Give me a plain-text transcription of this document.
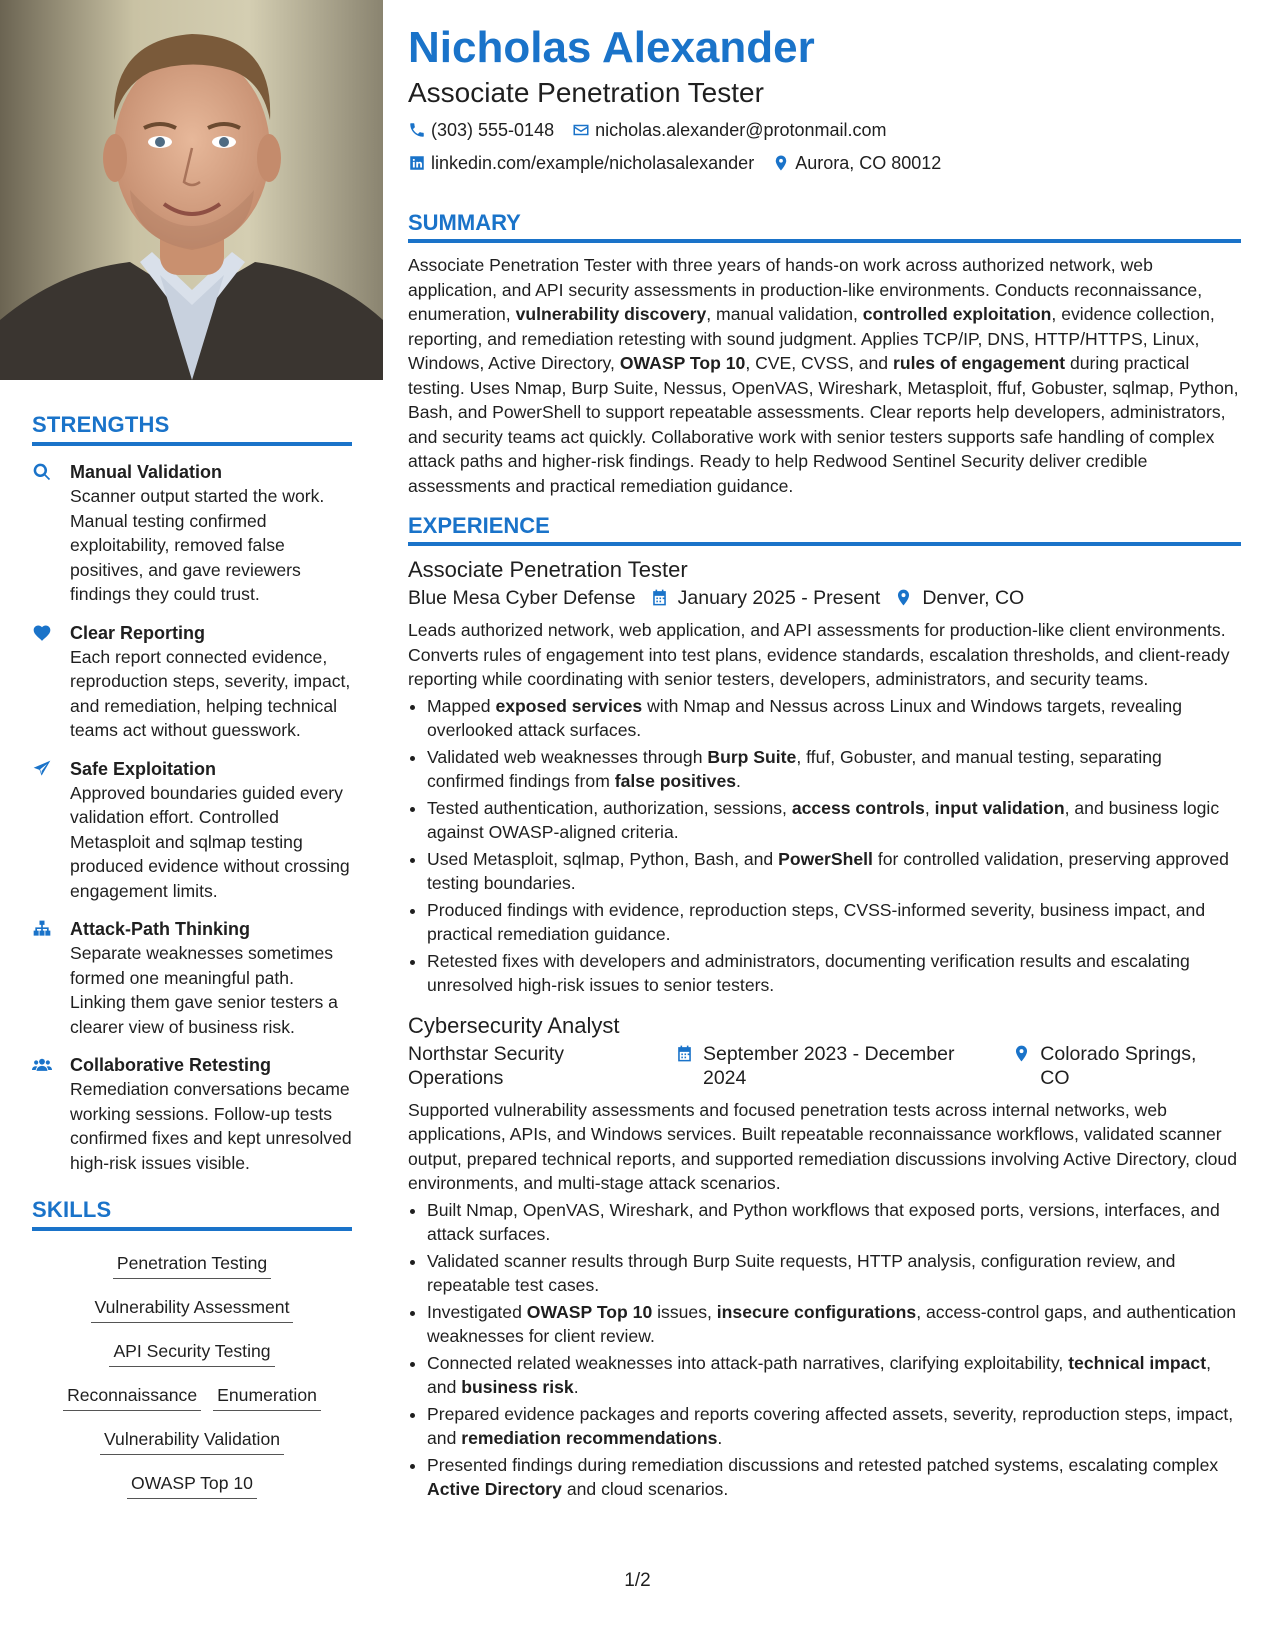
STRENGTHS
Manual Validation
Scanner output started the work. Manual testing confirmed exploitability, removed false positives, and gave reviewers findings they could trust.
Clear Reporting
Each report connected evidence, reproduction steps, severity, impact, and remediation, helping technical teams act without guesswork.
Safe Exploitation
Approved boundaries guided every validation effort. Controlled Metasploit and sqlmap testing produced evidence without crossing engagement limits.
Attack-Path Thinking
Separate weaknesses sometimes formed one meaningful path. Linking them gave senior testers a clearer view of business risk.
Collaborative Retesting
Remediation conversations became working sessions. Follow-up tests confirmed fixes and kept unresolved high-risk issues visible.
SKILLS
Penetration Testing
Vulnerability Assessment
API Security Testing
Reconnaissance Enumeration
Vulnerability Validation
OWASP Top 10
Nicholas Alexander
Associate Penetration Tester
(303) 555-0148 nicholas.alexander@protonmail.com
linkedin.com/example/nicholasalexander Aurora, CO 80012
SUMMARY

Associate Penetration Tester with three years of hands-on work across authorized network, web application, and API security assessments in production-like environments. Conducts reconnaissance, enumeration, vulnerability discovery, manual validation, controlled exploitation, evidence collection, reporting, and remediation retesting with sound judgment. Applies TCP/IP, DNS, HTTP/HTTPS, Linux, Windows, Active Directory, OWASP Top 10, CVE, CVSS, and rules of engagement during practical testing. Uses Nmap, Burp Suite, Nessus, OpenVAS, Wireshark, Metasploit, ffuf, Gobuster, sqlmap, Python, Bash, and PowerShell to support repeatable assessments. Clear reports help developers, administrators, and security teams act quickly. Collaborative work with senior testers supports safe handling of complex attack paths and higher-risk findings. Ready to help Redwood Sentinel Security deliver credible assessments and practical remediation guidance.

EXPERIENCE
Associate Penetration Tester
Blue Mesa Cyber Defense January 2025 - Present Denver, CO

Leads authorized network, web application, and API assessments for production-like client environments. Converts rules of engagement into test plans, evidence standards, escalation thresholds, and client-ready reporting while coordinating with senior testers, developers, administrators, and security teams.

• Mapped exposed services with Nmap and Nessus across Linux and Windows targets, revealing overlooked attack surfaces.
• Validated web weaknesses through Burp Suite, ffuf, Gobuster, and manual testing, separating confirmed findings from false positives.
• Tested authentication, authorization, sessions, access controls, input validation, and business logic against OWASP-aligned criteria.
• Used Metasploit, sqlmap, Python, Bash, and PowerShell for controlled validation, preserving approved testing boundaries.
• Produced findings with evidence, reproduction steps, CVSS-informed severity, business impact, and practical remediation guidance.
• Retested fixes with developers and administrators, documenting verification results and escalating unresolved high-risk issues to senior testers.
Cybersecurity Analyst
Northstar Security Operations
September 2023 - December 2024
Colorado Springs, CO

Supported vulnerability assessments and focused penetration tests across internal networks, web applications, APIs, and Windows services. Built repeatable reconnaissance workflows, validated scanner output, prepared technical reports, and supported remediation discussions involving Active Directory, cloud environments, and multi-stage attack scenarios.

• Built Nmap, OpenVAS, Wireshark, and Python workflows that exposed ports, versions, interfaces, and attack surfaces.
• Validated scanner results through Burp Suite requests, HTTP analysis, configuration review, and repeatable test cases.
• Investigated OWASP Top 10 issues, insecure configurations, access-control gaps, and authentication weaknesses for client review.
• Connected related weaknesses into attack-path narratives, clarifying exploitability, technical impact, and business risk.
• Prepared evidence packages and reports covering affected assets, severity, reproduction steps, impact, and remediation recommendations.
• Presented findings during remediation discussions and retested patched systems, escalating complex Active Directory and cloud scenarios.
1/2
